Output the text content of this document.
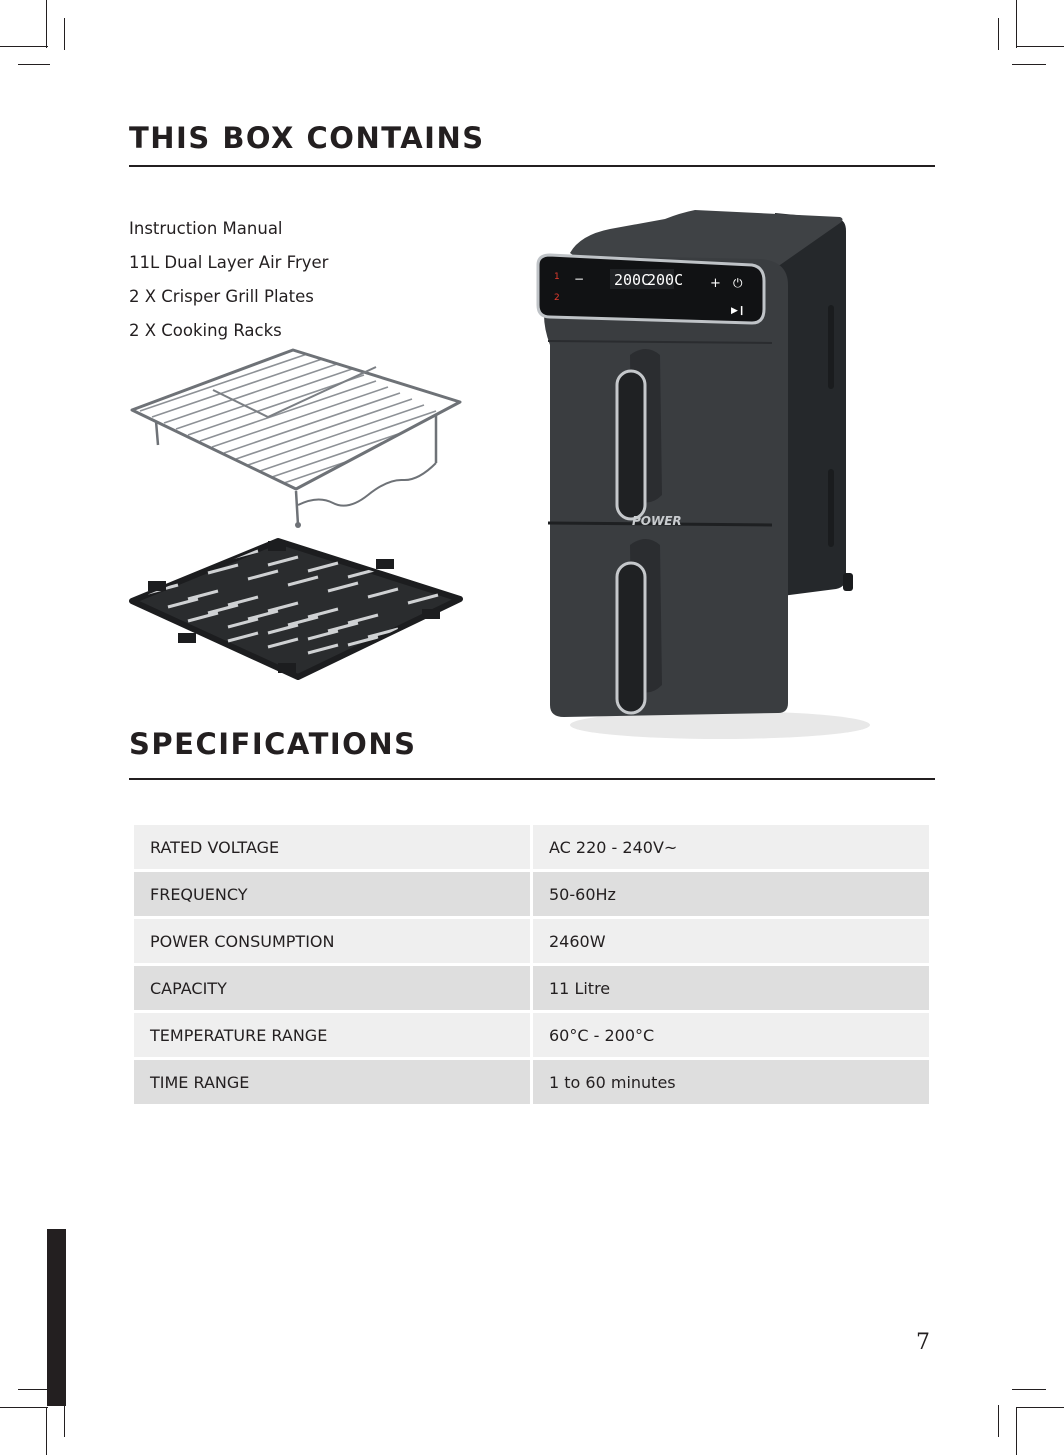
THIS BOX CONTAINS
Instruction Manual
11L Dual Layer Air Fryer
2 X Crisper Grill Plates
2 X Cooking Racks
200C
200C
1
2
−	+ ⏻
▶❙
POWER
SPECIFICATIONS
RATED VOLTAGE	AC 220 - 240V~
FREQUENCY	50-60Hz
POWER CONSUMPTION	2460W
CAPACITY	11 Litre
TEMPERATURE RANGE	60°C - 200°C
TIME RANGE	1 to 60 minutes
7
